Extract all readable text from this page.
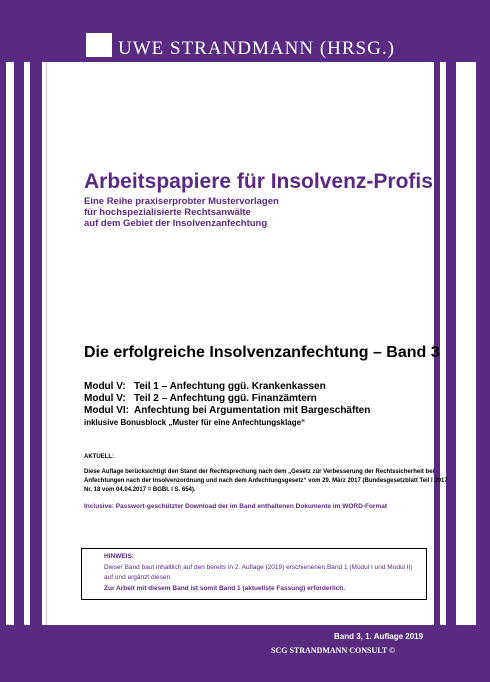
UWE STRANDMANN (HRSG.)
Arbeitspapiere für Insolvenz-Profis
Eine Reihe praxiserprobter Mustervorlagen
für hochspezialisierte Rechtsanwälte
auf dem Gebiet der Insolvenzanfechtung
Die erfolgreiche Insolvenzanfechtung – Band 3
Modul V: Teil 1 – Anfechtung ggü. Krankenkassen
Modul V: Teil 2 – Anfechtung ggü. Finanzämtern
Modul VI: Anfechtung bei Argumentation mit Bargeschäften
inklusive Bonusblock „Muster für eine Anfechtungsklage“
AKTUELL:
Diese Auflage berücksichtigt den Stand der Rechtsprechung nach dem „Gesetz zur Verbesserung der Rechtssicherheit bei Anfechtungen nach der Insolvenzordnung und nach dem Anfechtungsgesetz“ vom 29. März 2017 (Bundesgesetzblatt Teil I 2017 Nr. 18 vom 04.04.2017 = BGBl. I S. 654).
Inclusive: Passwort-geschützter Download der im Band enthaltenen Dokumente im WORD-Format
HINWEIS:
Dieser Band baut inhaltlich auf den bereits in 2. Auflage (2019) erschienenen Band 1 (Modul I und Modul II) auf und ergänzt diesen.
Zur Arbeit mit diesem Band ist somit Band 1 (aktuellste Fassung) erforderlich.
Band 3, 1. Auflage 2019
SCG STRANDMANN CONSULT ©
